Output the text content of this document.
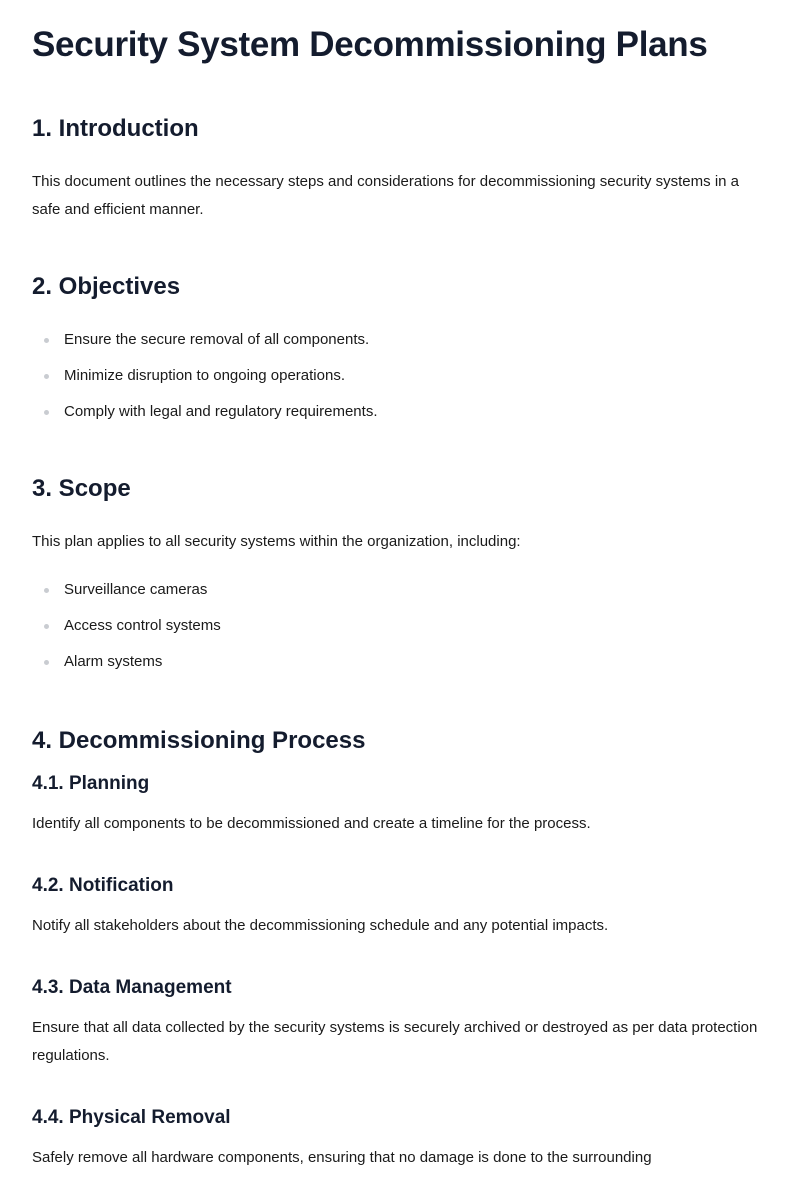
Security System Decommissioning Plans
1. Introduction

This document outlines the necessary steps and considerations for decommissioning security systems in a safe and efficient manner.

2. Objectives
Ensure the secure removal of all components.
Minimize disruption to ongoing operations.
Comply with legal and regulatory requirements.
3. Scope

This plan applies to all security systems within the organization, including:

Surveillance cameras
Access control systems
Alarm systems
4. Decommissioning Process
4.1. Planning

Identify all components to be decommissioned and create a timeline for the process.

4.2. Notification

Notify all stakeholders about the decommissioning schedule and any potential impacts.

4.3. Data Management

Ensure that all data collected by the security systems is securely archived or destroyed as per data protection regulations.

4.4. Physical Removal

Safely remove all hardware components, ensuring that no damage is done to the surrounding
